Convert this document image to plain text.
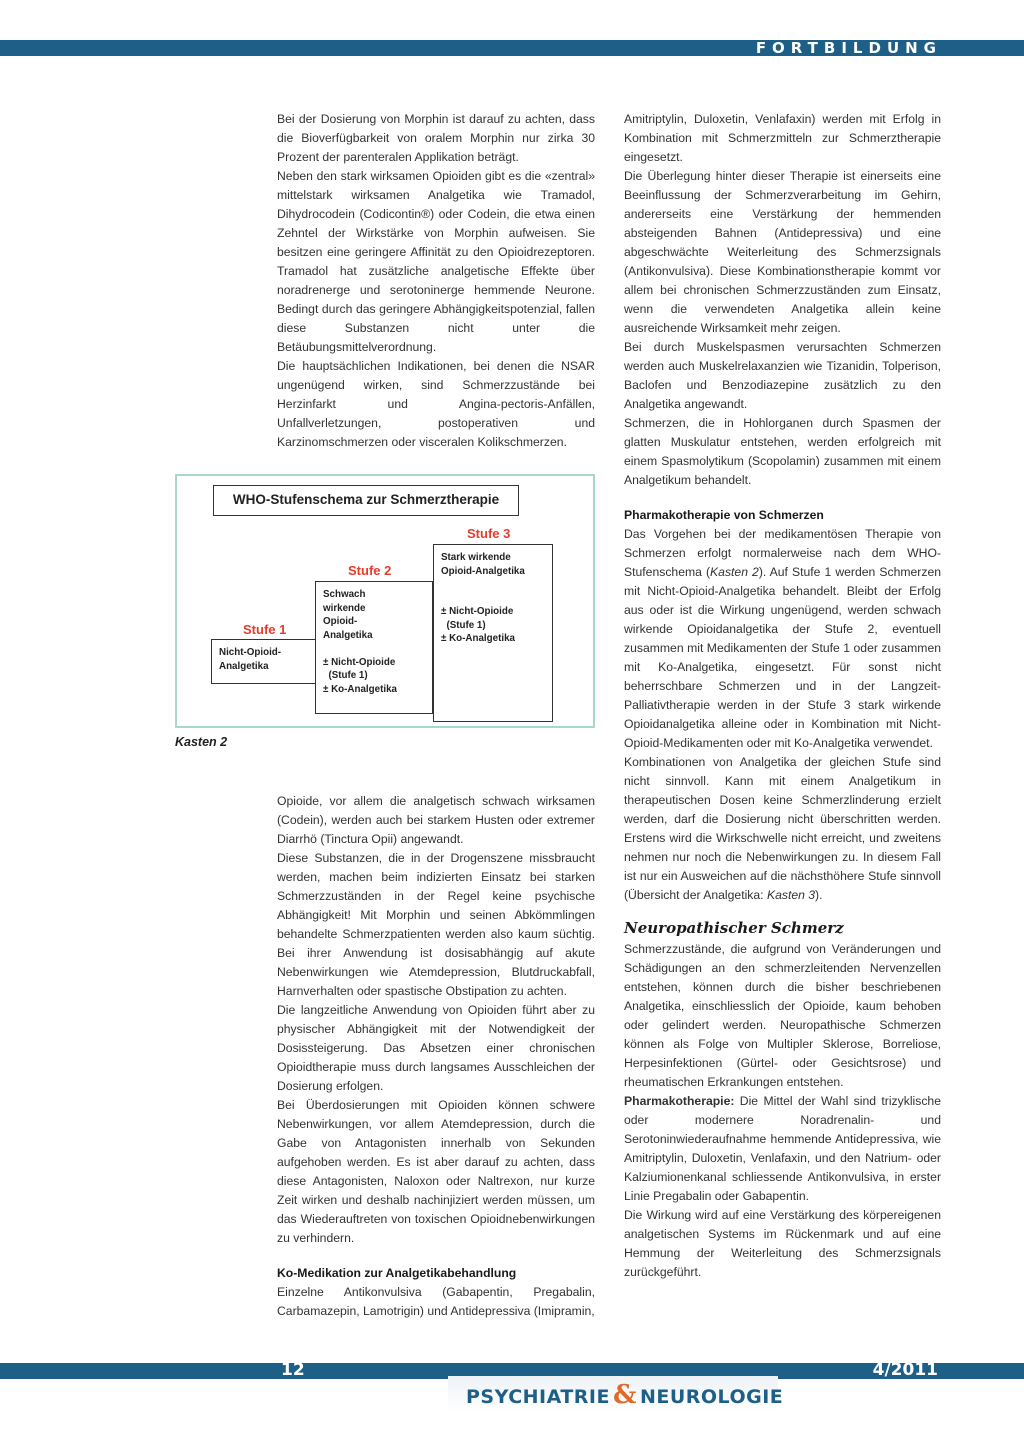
FORTBILDUNG

Bei der Dosierung von Morphin ist darauf zu achten, dass die Bioverfügbarkeit von oralem Morphin nur zirka 30 Prozent der parenteralen Applikation beträgt.

Neben den stark wirksamen Opioiden gibt es die «zentral» mittelstark wirksamen Analgetika wie Tramadol, Dihydrocodein (Codicontin®) oder Codein, die etwa einen Zehntel der Wirkstärke von Morphin aufweisen. Sie besitzen eine geringere Affinität zu den Opioidrezeptoren. Tramadol hat zusätzliche analgetische Effekte über noradrenerge und serotoninerge hemmende Neurone. Bedingt durch das geringere Abhängigkeitspotenzial, fallen diese Substanzen nicht unter die Betäubungsmittelverordnung.

Die hauptsächlichen Indikationen, bei denen die NSAR ungenügend wirken, sind Schmerzzustände bei Herzinfarkt und Angina-pectoris-Anfällen, Unfallverletzungen, postoperativen und Karzinomschmerzen oder visceralen Kolikschmerzen.

WHO-Stufenschema zur Schmerztherapie
Stufe 3
Stufe 2
Stufe 1
Nicht-Opioid-
Analgetika
Schwach
wirkende
Opioid-
Analgetika

± Nicht-Opioide
(Stufe 1)
± Ko-Analgetika
Stark wirkende
Opioid-Analgetika

± Nicht-Opioide
(Stufe 1)
± Ko-Analgetika
Kasten 2

Opioide, vor allem die analgetisch schwach wirksamen (Codein), werden auch bei starkem Husten oder extremer Diarrhö (Tinctura Opii) angewandt.

Diese Substanzen, die in der Drogenszene missbraucht werden, machen beim indizierten Einsatz bei starken Schmerzzuständen in der Regel keine psychische Abhängigkeit! Mit Morphin und seinen Abkömmlingen behandelte Schmerzpatienten werden also kaum süchtig. Bei ihrer Anwendung ist dosisabhängig auf akute Nebenwirkungen wie Atemdepression, Blutdruckabfall, Harnverhalten oder spastische Obstipation zu achten.

Die langzeitliche Anwendung von Opioiden führt aber zu physischer Abhängigkeit mit der Notwendigkeit der Dosissteigerung. Das Absetzen einer chronischen Opioidtherapie muss durch langsames Ausschleichen der Dosierung erfolgen.

Bei Überdosierungen mit Opioiden können schwere Nebenwirkungen, vor allem Atemdepression, durch die Gabe von Antagonisten innerhalb von Sekunden aufgehoben werden. Es ist aber darauf zu achten, dass diese Antagonisten, Naloxon oder Naltrexon, nur kurze Zeit wirken und deshalb nachinjiziert werden müssen, um das Wiederauftreten von toxischen Opioidnebenwirkungen zu verhindern.

Ko-Medikation zur Analgetikabehandlung

Einzelne Antikonvulsiva (Gabapentin, Pregabalin, Carbamazepin, Lamotrigin) und Antidepressiva (Imipramin,

Amitriptylin, Duloxetin, Venlafaxin) werden mit Erfolg in Kombination mit Schmerzmitteln zur Schmerztherapie eingesetzt.

Die Überlegung hinter dieser Therapie ist einerseits eine Beeinflussung der Schmerzverarbeitung im Gehirn, andererseits eine Verstärkung der hemmenden absteigenden Bahnen (Antidepressiva) und eine abgeschwächte Weiterleitung des Schmerzsignals (Antikonvulsiva). Diese Kombinationstherapie kommt vor allem bei chronischen Schmerzzuständen zum Einsatz, wenn die verwendeten Analgetika allein keine ausreichende Wirksamkeit mehr zeigen.

Bei durch Muskelspasmen verursachten Schmerzen werden auch Muskelrelaxanzien wie Tizanidin, Tolperison, Baclofen und Benzodiazepine zusätzlich zu den Analgetika angewandt.

Schmerzen, die in Hohlorganen durch Spasmen der glatten Muskulatur entstehen, werden erfolgreich mit einem Spasmolytikum (Scopolamin) zusammen mit einem Analgetikum behandelt.

Pharmakotherapie von Schmerzen

Das Vorgehen bei der medikamentösen Therapie von Schmerzen erfolgt normalerweise nach dem WHO-Stufenschema (Kasten 2). Auf Stufe 1 werden Schmerzen mit Nicht-Opioid-Analgetika behandelt. Bleibt der Erfolg aus oder ist die Wirkung ungenügend, werden schwach wirkende Opioidanalgetika der Stufe 2, eventuell zusammen mit Medikamenten der Stufe 1 oder zusammen mit Ko-Analgetika, eingesetzt. Für sonst nicht beherrschbare Schmerzen und in der Langzeit-Palliativtherapie werden in der Stufe 3 stark wirkende Opioidanalgetika alleine oder in Kombination mit Nicht-Opioid-Medikamenten oder mit Ko-Analgetika verwendet.

Kombinationen von Analgetika der gleichen Stufe sind nicht sinnvoll. Kann mit einem Analgetikum in therapeutischen Dosen keine Schmerzlinderung erzielt werden, darf die Dosierung nicht überschritten werden. Erstens wird die Wirkschwelle nicht erreicht, und zweitens nehmen nur noch die Nebenwirkungen zu. In diesem Fall ist nur ein Ausweichen auf die nächsthöhere Stufe sinnvoll (Übersicht der Analgetika: Kasten 3).

Neuropathischer Schmerz

Schmerzzustände, die aufgrund von Veränderungen und Schädigungen an den schmerzleitenden Nervenzellen entstehen, können durch die bisher beschriebenen Analgetika, einschliesslich der Opioide, kaum behoben oder gelindert werden. Neuropathische Schmerzen können als Folge von Multipler Sklerose, Borreliose, Herpesinfektionen (Gürtel- oder Gesichtsrose) und rheumatischen Erkrankungen entstehen.

Pharmakotherapie: Die Mittel der Wahl sind trizyklische oder modernere Noradrenalin- und Serotoninwiederaufnahme hemmende Antidepressiva, wie Amitriptylin, Duloxetin, Venlafaxin, und den Natrium- oder Kalziumionenkanal schliessende Antikonvulsiva, in erster Linie Pregabalin oder Gabapentin.

Die Wirkung wird auf eine Verstärkung des körpereigenen analgetischen Systems im Rückenmark und auf eine Hemmung der Weiterleitung des Schmerzsignals zurückgeführt.

12	4/2011
PSYCHIATRIE & NEUROLOGIE
